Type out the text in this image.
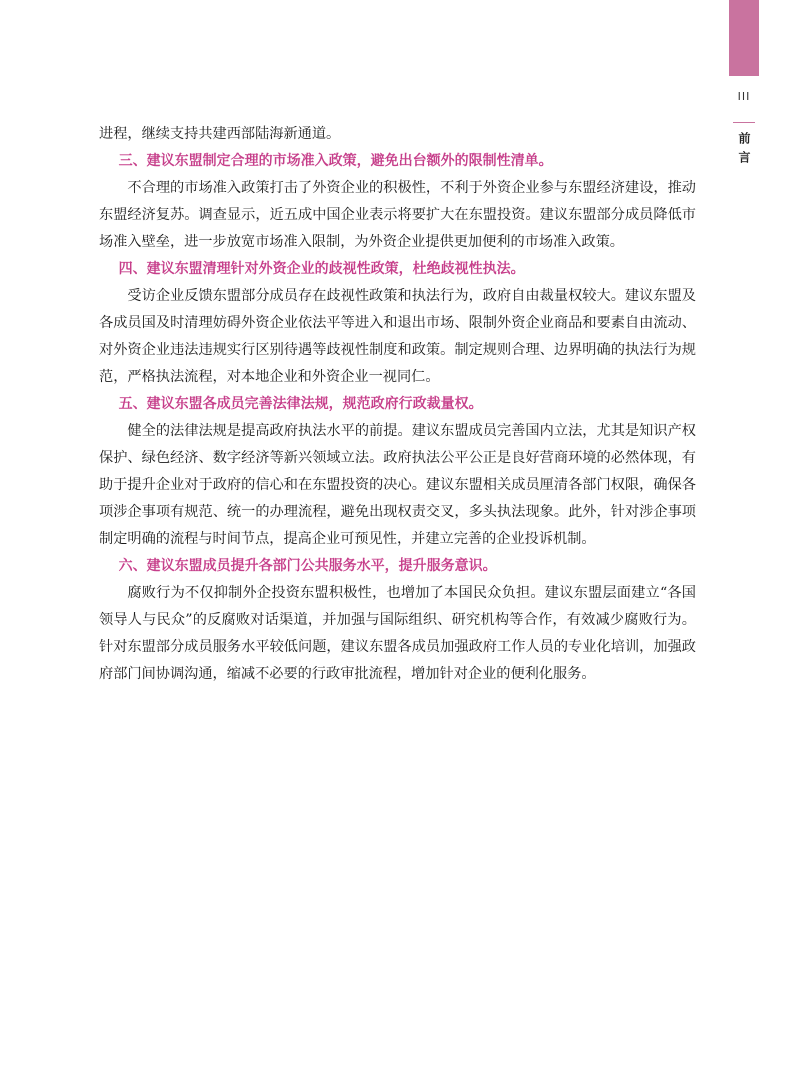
III
前言

进程，继续支持共建西部陆海新通道。

三、建议东盟制定合理的市场准入政策，避免出台额外的限制性清单。

不合理的市场准入政策打击了外资企业的积极性，不利于外资企业参与东盟经济建设，推动东盟经济复苏。调查显示，近五成中国企业表示将要扩大在东盟投资。建议东盟部分成员降低市场准入壁垒，进一步放宽市场准入限制，为外资企业提供更加便利的市场准入政策。

四、建议东盟清理针对外资企业的歧视性政策，杜绝歧视性执法。

受访企业反馈东盟部分成员存在歧视性政策和执法行为，政府自由裁量权较大。建议东盟及各成员国及时清理妨碍外资企业依法平等进入和退出市场、限制外资企业商品和要素自由流动、对外资企业违法违规实行区别待遇等歧视性制度和政策。制定规则合理、边界明确的执法行为规范，严格执法流程，对本地企业和外资企业一视同仁。

五、建议东盟各成员完善法律法规，规范政府行政裁量权。

健全的法律法规是提高政府执法水平的前提。建议东盟成员完善国内立法，尤其是知识产权保护、绿色经济、数字经济等新兴领域立法。政府执法公平公正是良好营商环境的必然体现，有助于提升企业对于政府的信心和在东盟投资的决心。建议东盟相关成员厘清各部门权限，确保各项涉企事项有规范、统一的办理流程，避免出现权责交叉，多头执法现象。此外，针对涉企事项制定明确的流程与时间节点，提高企业可预见性，并建立完善的企业投诉机制。

六、建议东盟成员提升各部门公共服务水平，提升服务意识。

腐败行为不仅抑制外企投资东盟积极性，也增加了本国民众负担。建议东盟层面建立“各国领导人与民众”的反腐败对话渠道，并加强与国际组织、研究机构等合作，有效减少腐败行为。针对东盟部分成员服务水平较低问题，建议东盟各成员加强政府工作人员的专业化培训，加强政府部门间协调沟通，缩减不必要的行政审批流程，增加针对企业的便利化服务。
